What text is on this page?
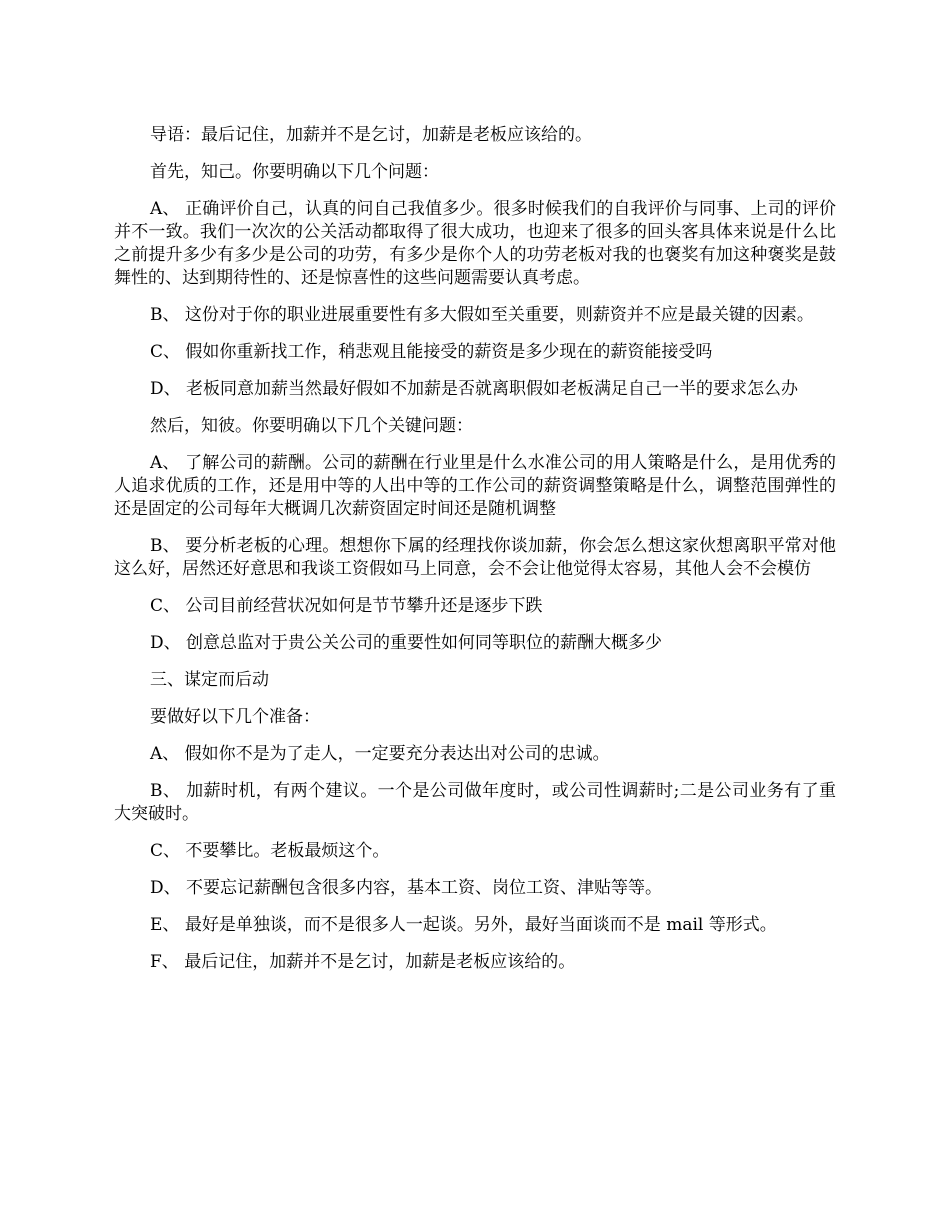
导语：最后记住，加薪并不是乞讨，加薪是老板应该给的。

首先，知己。你要明确以下几个问题：

A、 正确评价自己，认真的问自己我值多少。很多时候我们的自我评价与同事、上司的评价并不一致。我们一次次的公关活动都取得了很大成功，也迎来了很多的回头客具体来说是什么比之前提升多少有多少是公司的功劳，有多少是你个人的功劳老板对我的也褒奖有加这种褒奖是鼓舞性的、达到期待性的、还是惊喜性的这些问题需要认真考虑。

B、 这份对于你的职业进展重要性有多大假如至关重要，则薪资并不应是最关键的因素。

C、 假如你重新找工作，稍悲观且能接受的薪资是多少现在的薪资能接受吗

D、 老板同意加薪当然最好假如不加薪是否就离职假如老板满足自己一半的要求怎么办

然后，知彼。你要明确以下几个关键问题：

A、 了解公司的薪酬。公司的薪酬在行业里是什么水准公司的用人策略是什么，是用优秀的人追求优质的工作，还是用中等的人出中等的工作公司的薪资调整策略是什么，调整范围弹性的还是固定的公司每年大概调几次薪资固定时间还是随机调整

B、 要分析老板的心理。想想你下属的经理找你谈加薪，你会怎么想这家伙想离职平常对他这么好，居然还好意思和我谈工资假如马上同意，会不会让他觉得太容易，其他人会不会模仿

C、 公司目前经营状况如何是节节攀升还是逐步下跌

D、 创意总监对于贵公关公司的重要性如何同等职位的薪酬大概多少

三、谋定而后动

要做好以下几个准备：

A、 假如你不是为了走人，一定要充分表达出对公司的忠诚。

B、 加薪时机，有两个建议。一个是公司做年度时，或公司性调薪时;二是公司业务有了重大突破时。

C、 不要攀比。老板最烦这个。

D、 不要忘记薪酬包含很多内容，基本工资、岗位工资、津贴等等。

E、 最好是单独谈，而不是很多人一起谈。另外，最好当面谈而不是 mail 等形式。

F、 最后记住，加薪并不是乞讨，加薪是老板应该给的。
